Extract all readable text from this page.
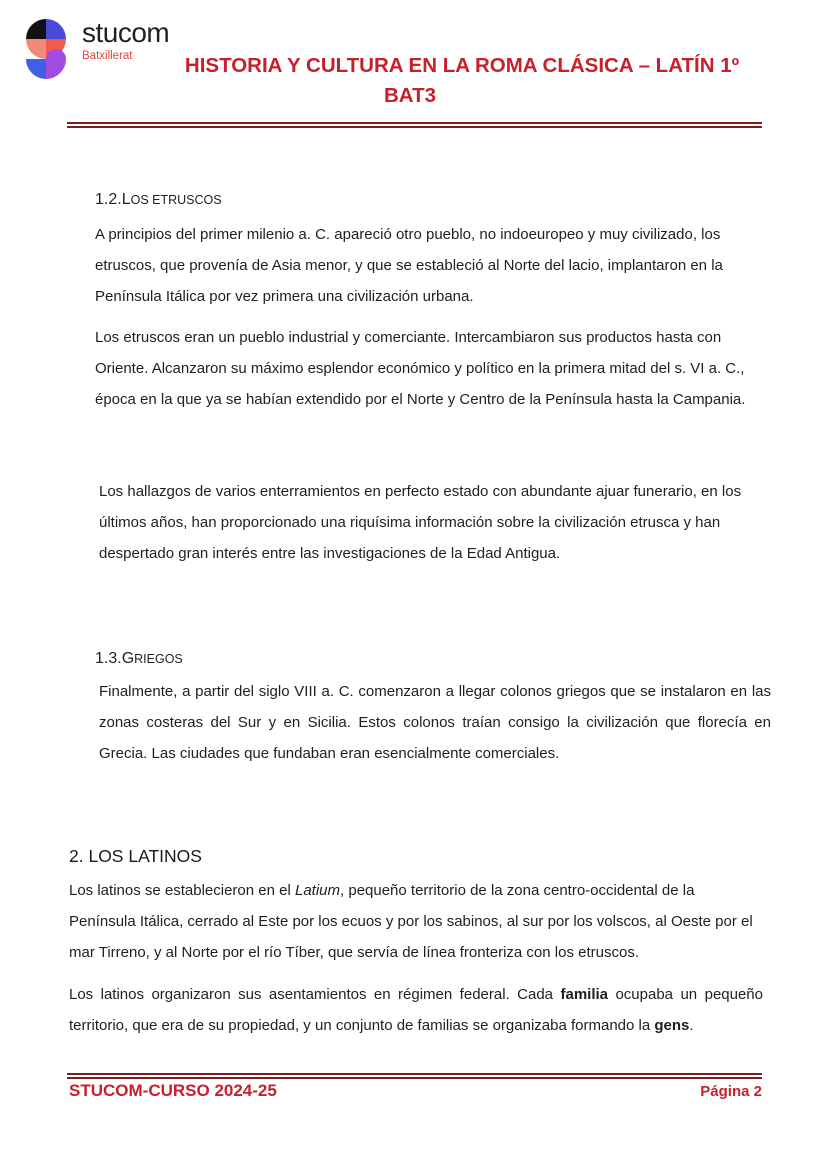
stucom
Batxillerat	HISTORIA Y CULTURA EN LA ROMA CLÁSICA – LATÍN 1º
BAT3
1.2.LOS ETRUSCOS

A principios del primer milenio a. C. apareció otro pueblo, no indoeuropeo y muy civilizado, los etruscos, que provenía de Asia menor, y que se estableció al Norte del lacio, implantaron en la Península Itálica por vez primera una civilización urbana.

Los etruscos eran un pueblo industrial y comerciante. Intercambiaron sus productos hasta con Oriente. Alcanzaron su máximo esplendor económico y político en la primera mitad del s. VI a. C., época en la que ya se habían extendido por el Norte y Centro de la Península hasta la Campania.

Los hallazgos de varios enterramientos en perfecto estado con abundante ajuar funerario, en los últimos años, han proporcionado una riquísima información sobre la civilización etrusca y han despertado gran interés entre las investigaciones de la Edad Antigua.

1.3.GRIEGOS

Finalmente, a partir del siglo VIII a. C. comenzaron a llegar colonos griegos que se instalaron en las zonas costeras del Sur y en Sicilia. Estos colonos traían consigo la civilización que florecía en Grecia. Las ciudades que fundaban eran esencialmente comerciales.

2. LOS LATINOS

Los latinos se establecieron en el Latium, pequeño territorio de la zona centro-occidental de la Península Itálica, cerrado al Este por los ecuos y por los sabinos, al sur por los volscos, al Oeste por el mar Tirreno, y al Norte por el río Tíber, que servía de línea fronteriza con los etruscos.

Los latinos organizaron sus asentamientos en régimen federal. Cada familia ocupaba un pequeño territorio, que era de su propiedad, y un conjunto de familias se organizaba formando la gens.

STUCOM-CURSO 2024-25	Página 2
